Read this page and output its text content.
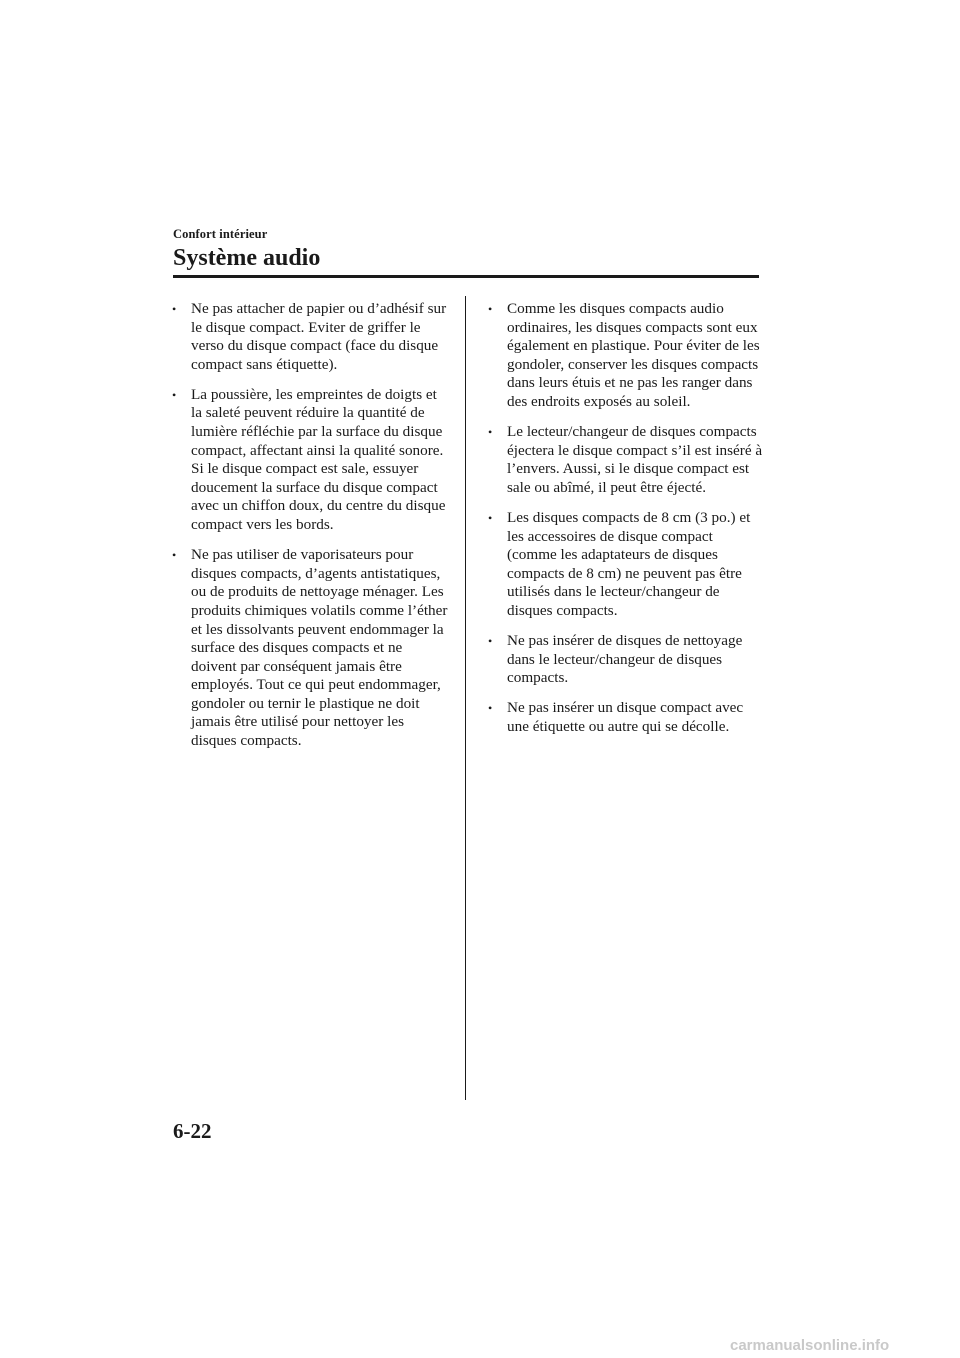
Confort intérieur
Système audio
• Ne pas attacher de papier ou d’adhésif sur le disque compact. Eviter de griffer le verso du disque compact (face du disque compact sans étiquette).
• La poussière, les empreintes de doigts et la saleté peuvent réduire la quantité de lumière réfléchie par la surface du disque compact, affectant ainsi la qualité sonore. Si le disque compact est sale, essuyer doucement la surface du disque compact avec un chiffon doux, du centre du disque compact vers les bords.
• Ne pas utiliser de vaporisateurs pour disques compacts, d’agents antistatiques, ou de produits de nettoyage ménager. Les produits chimiques volatils comme l’éther et les dissolvants peuvent endommager la surface des disques compacts et ne doivent par conséquent jamais être employés. Tout ce qui peut endommager, gondoler ou ternir le plastique ne doit jamais être utilisé pour nettoyer les disques compacts.
• Comme les disques compacts audio ordinaires, les disques compacts sont eux également en plastique. Pour éviter de les gondoler, conserver les disques compacts dans leurs étuis et ne pas les ranger dans des endroits exposés au soleil.
• Le lecteur/changeur de disques compacts éjectera le disque compact s’il est inséré à l’envers. Aussi, si le disque compact est sale ou abîmé, il peut être éjecté.
• Les disques compacts de 8 cm (3 po.) et les accessoires de disque compact (comme les adaptateurs de disques compacts de 8 cm) ne peuvent pas être utilisés dans le lecteur/changeur de disques compacts.
• Ne pas insérer de disques de nettoyage dans le lecteur/changeur de disques compacts.
• Ne pas insérer un disque compact avec une étiquette ou autre qui se décolle.
6-22
carmanualsonline.info
